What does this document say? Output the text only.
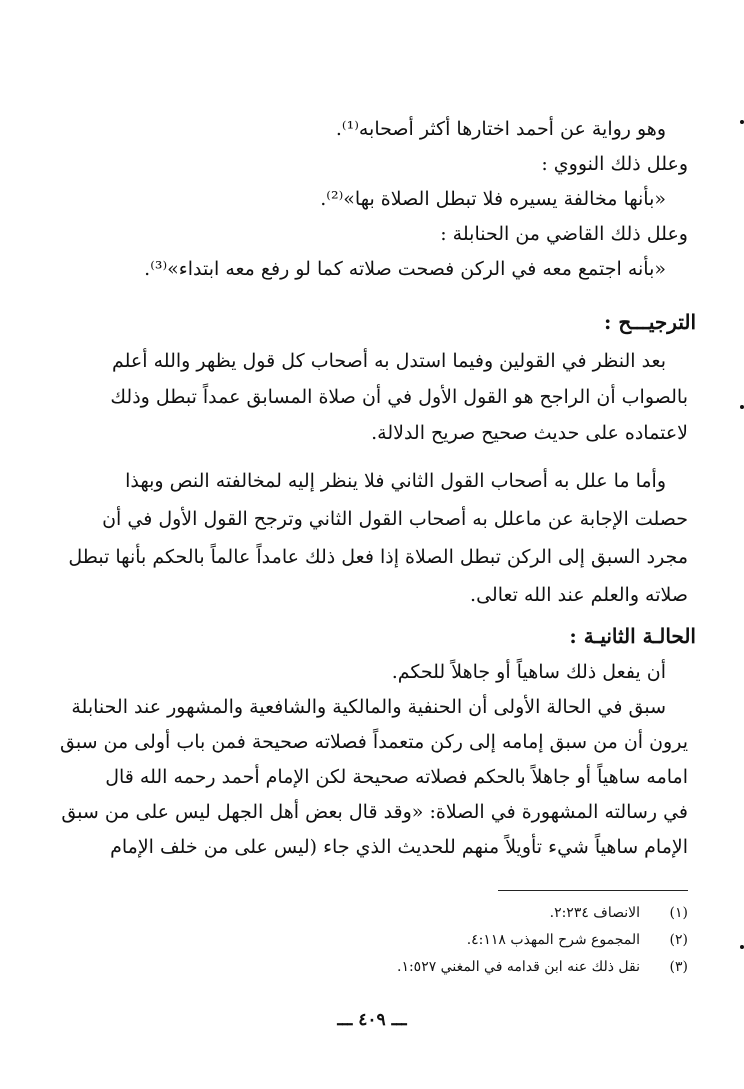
وهو رواية عن أحمد اختارها أكثر أصحابه⁽¹⁾.
وعلل ذلك النووي :
«بأنها مخالفة يسيره فلا تبطل الصلاة بها»⁽²⁾.
وعلل ذلك القاضي من الحنابلة :
«بأنه اجتمع معه في الركن فصحت صلاته كما لو رفع معه ابتداء»⁽³⁾.
الترجيـــح :
بعد النظر في القولين وفيما استدل به أصحاب كل قول يظهر والله أعلم
بالصواب أن الراجح هو القول الأول في أن صلاة المسابق عمداً تبطل وذلك
لاعتماده على حديث صحيح صريح الدلالة.
وأما ما علل به أصحاب القول الثاني فلا ينظر إليه لمخالفته النص وبهذا
حصلت الإجابة عن ماعلل به أصحاب القول الثاني وترجح القول الأول في أن
مجرد السبق إلى الركن تبطل الصلاة إذا فعل ذلك عامداً عالماً بالحكم بأنها تبطل
صلاته والعلم عند الله تعالى.
الحالـة الثانيـة :
أن يفعل ذلك ساهياً أو جاهلاً للحكم.
سبق في الحالة الأولى أن الحنفية والمالكية والشافعية والمشهور عند الحنابلة
يرون أن من سبق إمامه إلى ركن متعمداً فصلاته صحيحة فمن باب أولى من سبق
امامه ساهياً أو جاهلاً بالحكم فصلاته صحيحة لكن الإمام أحمد رحمه الله قال
في رسالته المشهورة في الصلاة: «وقد قال بعض أهل الجهل ليس على من سبق
الإمام ساهياً شيء تأويلاً منهم للحديث الذي جاء (ليس على من خلف الإمام
(١)الانصاف ٢:٢٣٤.
(٢)المجموع شرح المهذب ٤:١١٨.
(٣)نقل ذلك عنه ابن قدامه في المغني ١:٥٢٧.
ـــ ٤٠٩ ـــ
